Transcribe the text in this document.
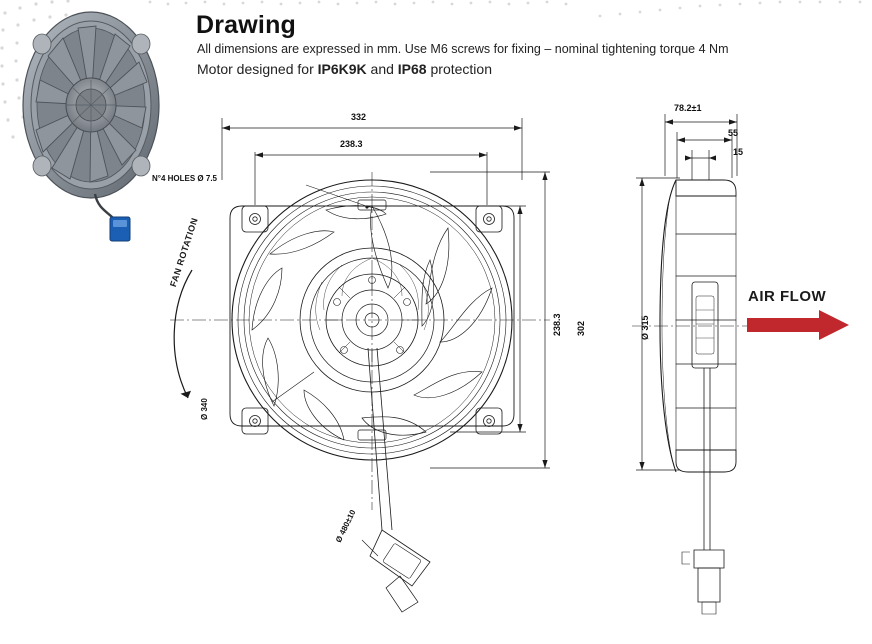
Drawing
All dimensions are expressed in mm. Use M6 screws for fixing – nominal tightening torque 4 Nm
Motor designed for IP6K9K and IP68 protection
332
238.3
N°4 HOLES Ø 7.5
Ø 340
238.3 302
Ø 480±10
FAN ROTATION
78.2±1
55
15
Ø 315
AIR FLOW
